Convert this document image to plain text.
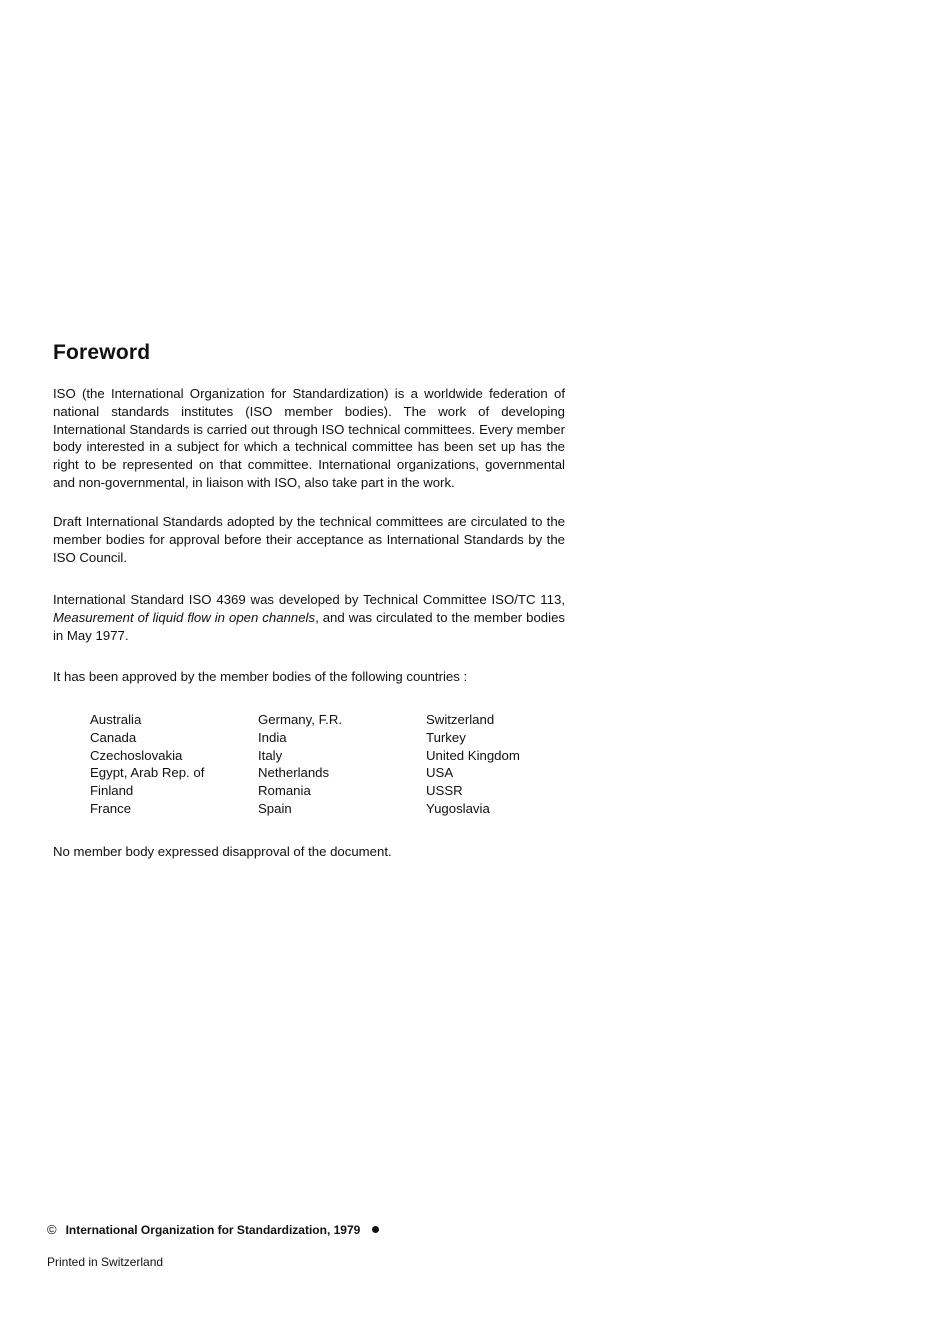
Foreword

ISO (the International Organization for Standardization) is a worldwide federation of national standards institutes (ISO member bodies). The work of developing International Standards is carried out through ISO technical committees. Every member body interested in a subject for which a technical committee has been set up has the right to be represented on that committee. International organizations, governmental and non-governmental, in liaison with ISO, also take part in the work.

Draft International Standards adopted by the technical committees are circulated to the member bodies for approval before their acceptance as International Standards by the ISO Council.

International Standard ISO 4369 was developed by Technical Committee ISO/TC 113, Measurement of liquid flow in open channels, and was circulated to the member bodies in May 1977.

It has been approved by the member bodies of the following countries :

Australia
Canada
Czechoslovakia
Egypt, Arab Rep. of
Finland
France
Germany, F.R.
India
Italy
Netherlands
Romania
Spain
Switzerland
Turkey
United Kingdom
USA
USSR
Yugoslavia

No member body expressed disapproval of the document.

© International Organization for Standardization, 1979
Printed in Switzerland
